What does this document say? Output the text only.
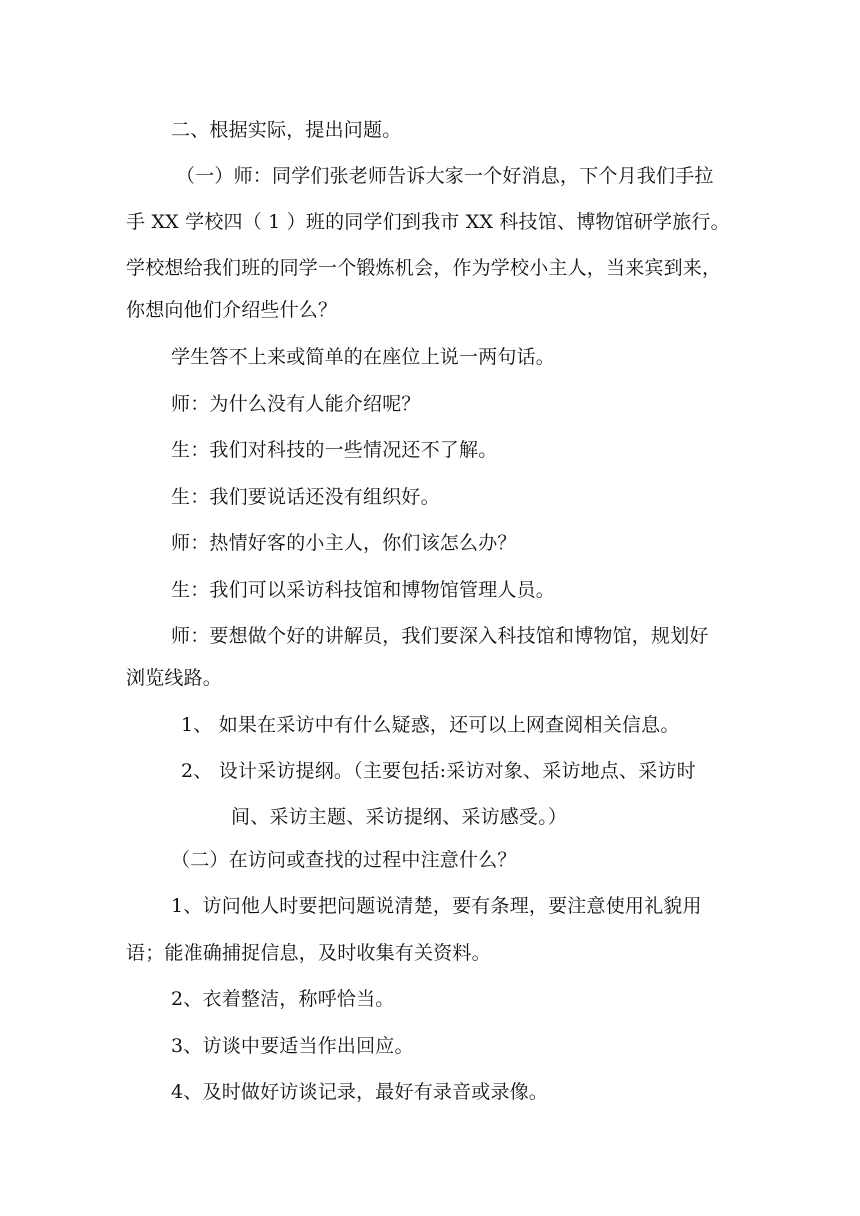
二、根据实际，提出问题。
（一）师：同学们张老师告诉大家一个好消息，下个月我们手拉
手 XX 学校四（ 1 ）班的同学们到我市 XX 科技馆、博物馆研学旅行。
学校想给我们班的同学一个锻炼机会，作为学校小主人，当来宾到来，
你想向他们介绍些什么？
学生答不上来或简单的在座位上说一两句话。
师：为什么没有人能介绍呢？
生：我们对科技的一些情况还不了解。
生：我们要说话还没有组织好。
师：热情好客的小主人，你们该怎么办？
生：我们可以采访科技馆和博物馆管理人员。
师：要想做个好的讲解员，我们要深入科技馆和博物馆，规划好
浏览线路。
1、 如果在采访中有什么疑惑，还可以上网查阅相关信息。
2、 设计采访提纲。（主要包括:采访对象、采访地点、采访时
间、采访主题、采访提纲、采访感受。）
（二）在访问或查找的过程中注意什么？
1、访问他人时要把问题说清楚，要有条理，要注意使用礼貌用
语；能准确捕捉信息，及时收集有关资料。
2、衣着整洁，称呼恰当。
3、访谈中要适当作出回应。
4、及时做好访谈记录，最好有录音或录像。
